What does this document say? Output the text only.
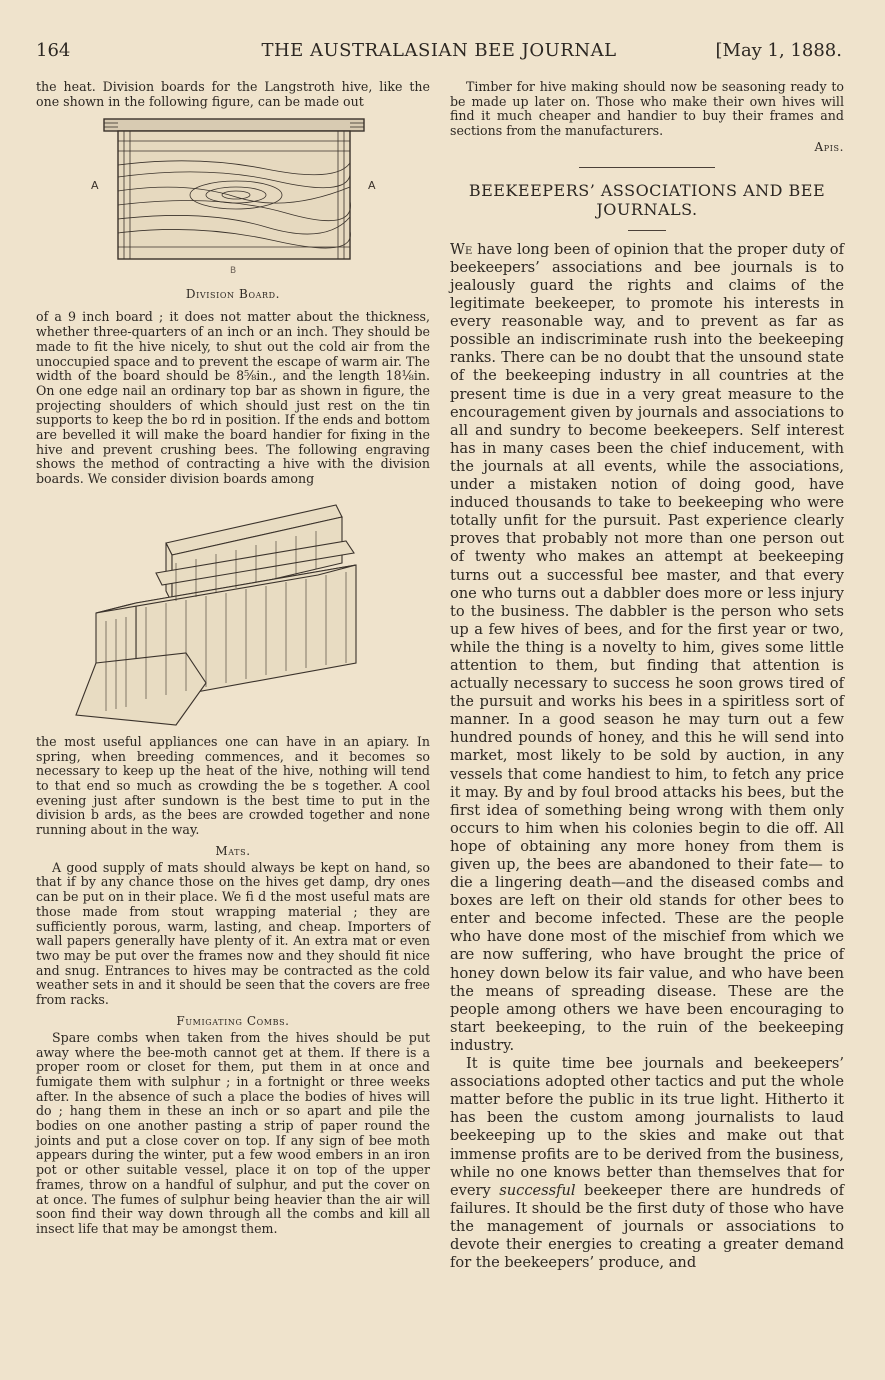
164	THE AUSTRALASIAN BEE JOURNAL	[May 1, 1888.

the heat. Division boards for the Langstroth hive, like the one shown in the following figure, can be made out

A	A
B

Division Board.

of a 9 inch board ; it does not matter about the thickness, whether three-quarters of an inch or an inch. They should be made to fit the hive nicely, to shut out the cold air from the unoccupied space and to prevent the escape of warm air. The width of the board should be 8⅝in., and the length 18⅛in. On one edge nail an ordinary top bar as shown in figure, the projecting shoulders of which should just rest on the tin supports to keep the bo rd in position. If the ends and bottom are bevelled it will make the board handier for fixing in the hive and prevent crushing bees. The following engraving shows the method of contracting a hive with the division boards. We consider division boards among

the most useful appliances one can have in an apiary. In spring, when breeding commences, and it becomes so necessary to keep up the heat of the hive, nothing will tend to that end so much as crowding the be s together. A cool evening just after sundown is the best time to put in the division b ards, as the bees are crowded together and none running about in the way.

Mats.

A good supply of mats should always be kept on hand, so that if by any chance those on the hives get damp, dry ones can be put on in their place. We fi d the most useful mats are those made from stout wrapping material ; they are sufficiently porous, warm, lasting, and cheap. Importers of wall papers generally have plenty of it. An extra mat or even two may be put over the frames now and they should fit nice and snug. Entrances to hives may be contracted as the cold weather sets in and it should be seen that the covers are free from racks.

Fumigating Combs.

Spare combs when taken from the hives should be put away where the bee-moth cannot get at them. If there is a proper room or closet for them, put them in at once and fumigate them with sulphur ; in a fortnight or three weeks after. In the absence of such a place the bodies of hives will do ; hang them in these an inch or so apart and pile the bodies on one another pasting a strip of paper round the joints and put a close cover on top. If any sign of bee moth appears during the winter, put a few wood embers in an iron pot or other suitable vessel, place it on top of the upper frames, throw on a handful of sulphur, and put the cover on at once. The fumes of sulphur being heavier than the air will soon find their way down through all the combs and kill all insect life that may be amongst them.

Timber for hive making should now be seasoning ready to be made up later on. Those who make their own hives will find it much cheaper and handier to buy their frames and sections from the manufacturers.

Apis.

BEEKEEPERS’ ASSOCIATIONS AND BEE JOURNALS.

We have long been of opinion that the proper duty of beekeepers’ associations and bee journals is to jealously guard the rights and claims of the legitimate beekeeper, to promote his interests in every reasonable way, and to prevent as far as possible an indiscriminate rush into the beekeeping ranks. There can be no doubt that the unsound state of the beekeeping industry in all countries at the present time is due in a very great measure to the encouragement given by journals and associations to all and sundry to become beekeepers. Self interest has in many cases been the chief inducement, with the journals at all events, while the associations, under a mistaken notion of doing good, have induced thousands to take to beekeeping who were totally unfit for the pursuit. Past experience clearly proves that probably not more than one person out of twenty who makes an attempt at beekeeping turns out a successful bee master, and that every one who turns out a dabbler does more or less injury to the business. The dabbler is the person who sets up a few hives of bees, and for the first year or two, while the thing is a novelty to him, gives some little attention to them, but finding that attention is actually necessary to success he soon grows tired of the pursuit and works his bees in a spiritless sort of manner. In a good season he may turn out a few hundred pounds of honey, and this he will send into market, most likely to be sold by auction, in any vessels that come handiest to him, to fetch any price it may. By and by foul brood attacks his bees, but the first idea of something being wrong with them only occurs to him when his colonies begin to die off. All hope of obtaining any more honey from them is given up, the bees are abandoned to their fate— to die a lingering death—and the diseased combs and boxes are left on their old stands for other bees to enter and become infected. These are the people who have done most of the mischief from which we are now suffering, who have brought the price of honey down below its fair value, and who have been the means of spreading disease. These are the people among others we have been encouraging to start beekeeping, to the ruin of the beekeeping industry.

It is quite time bee journals and beekeepers’ associations adopted other tactics and put the whole matter before the public in its true light. Hitherto it has been the custom among journalists to laud beekeeping up to the skies and make out that immense profits are to be derived from the business, while no one knows better than themselves that for every successful beekeeper there are hundreds of failures. It should be the first duty of those who have the management of journals or associations to devote their energies to creating a greater demand for the beekeepers’ produce, and
